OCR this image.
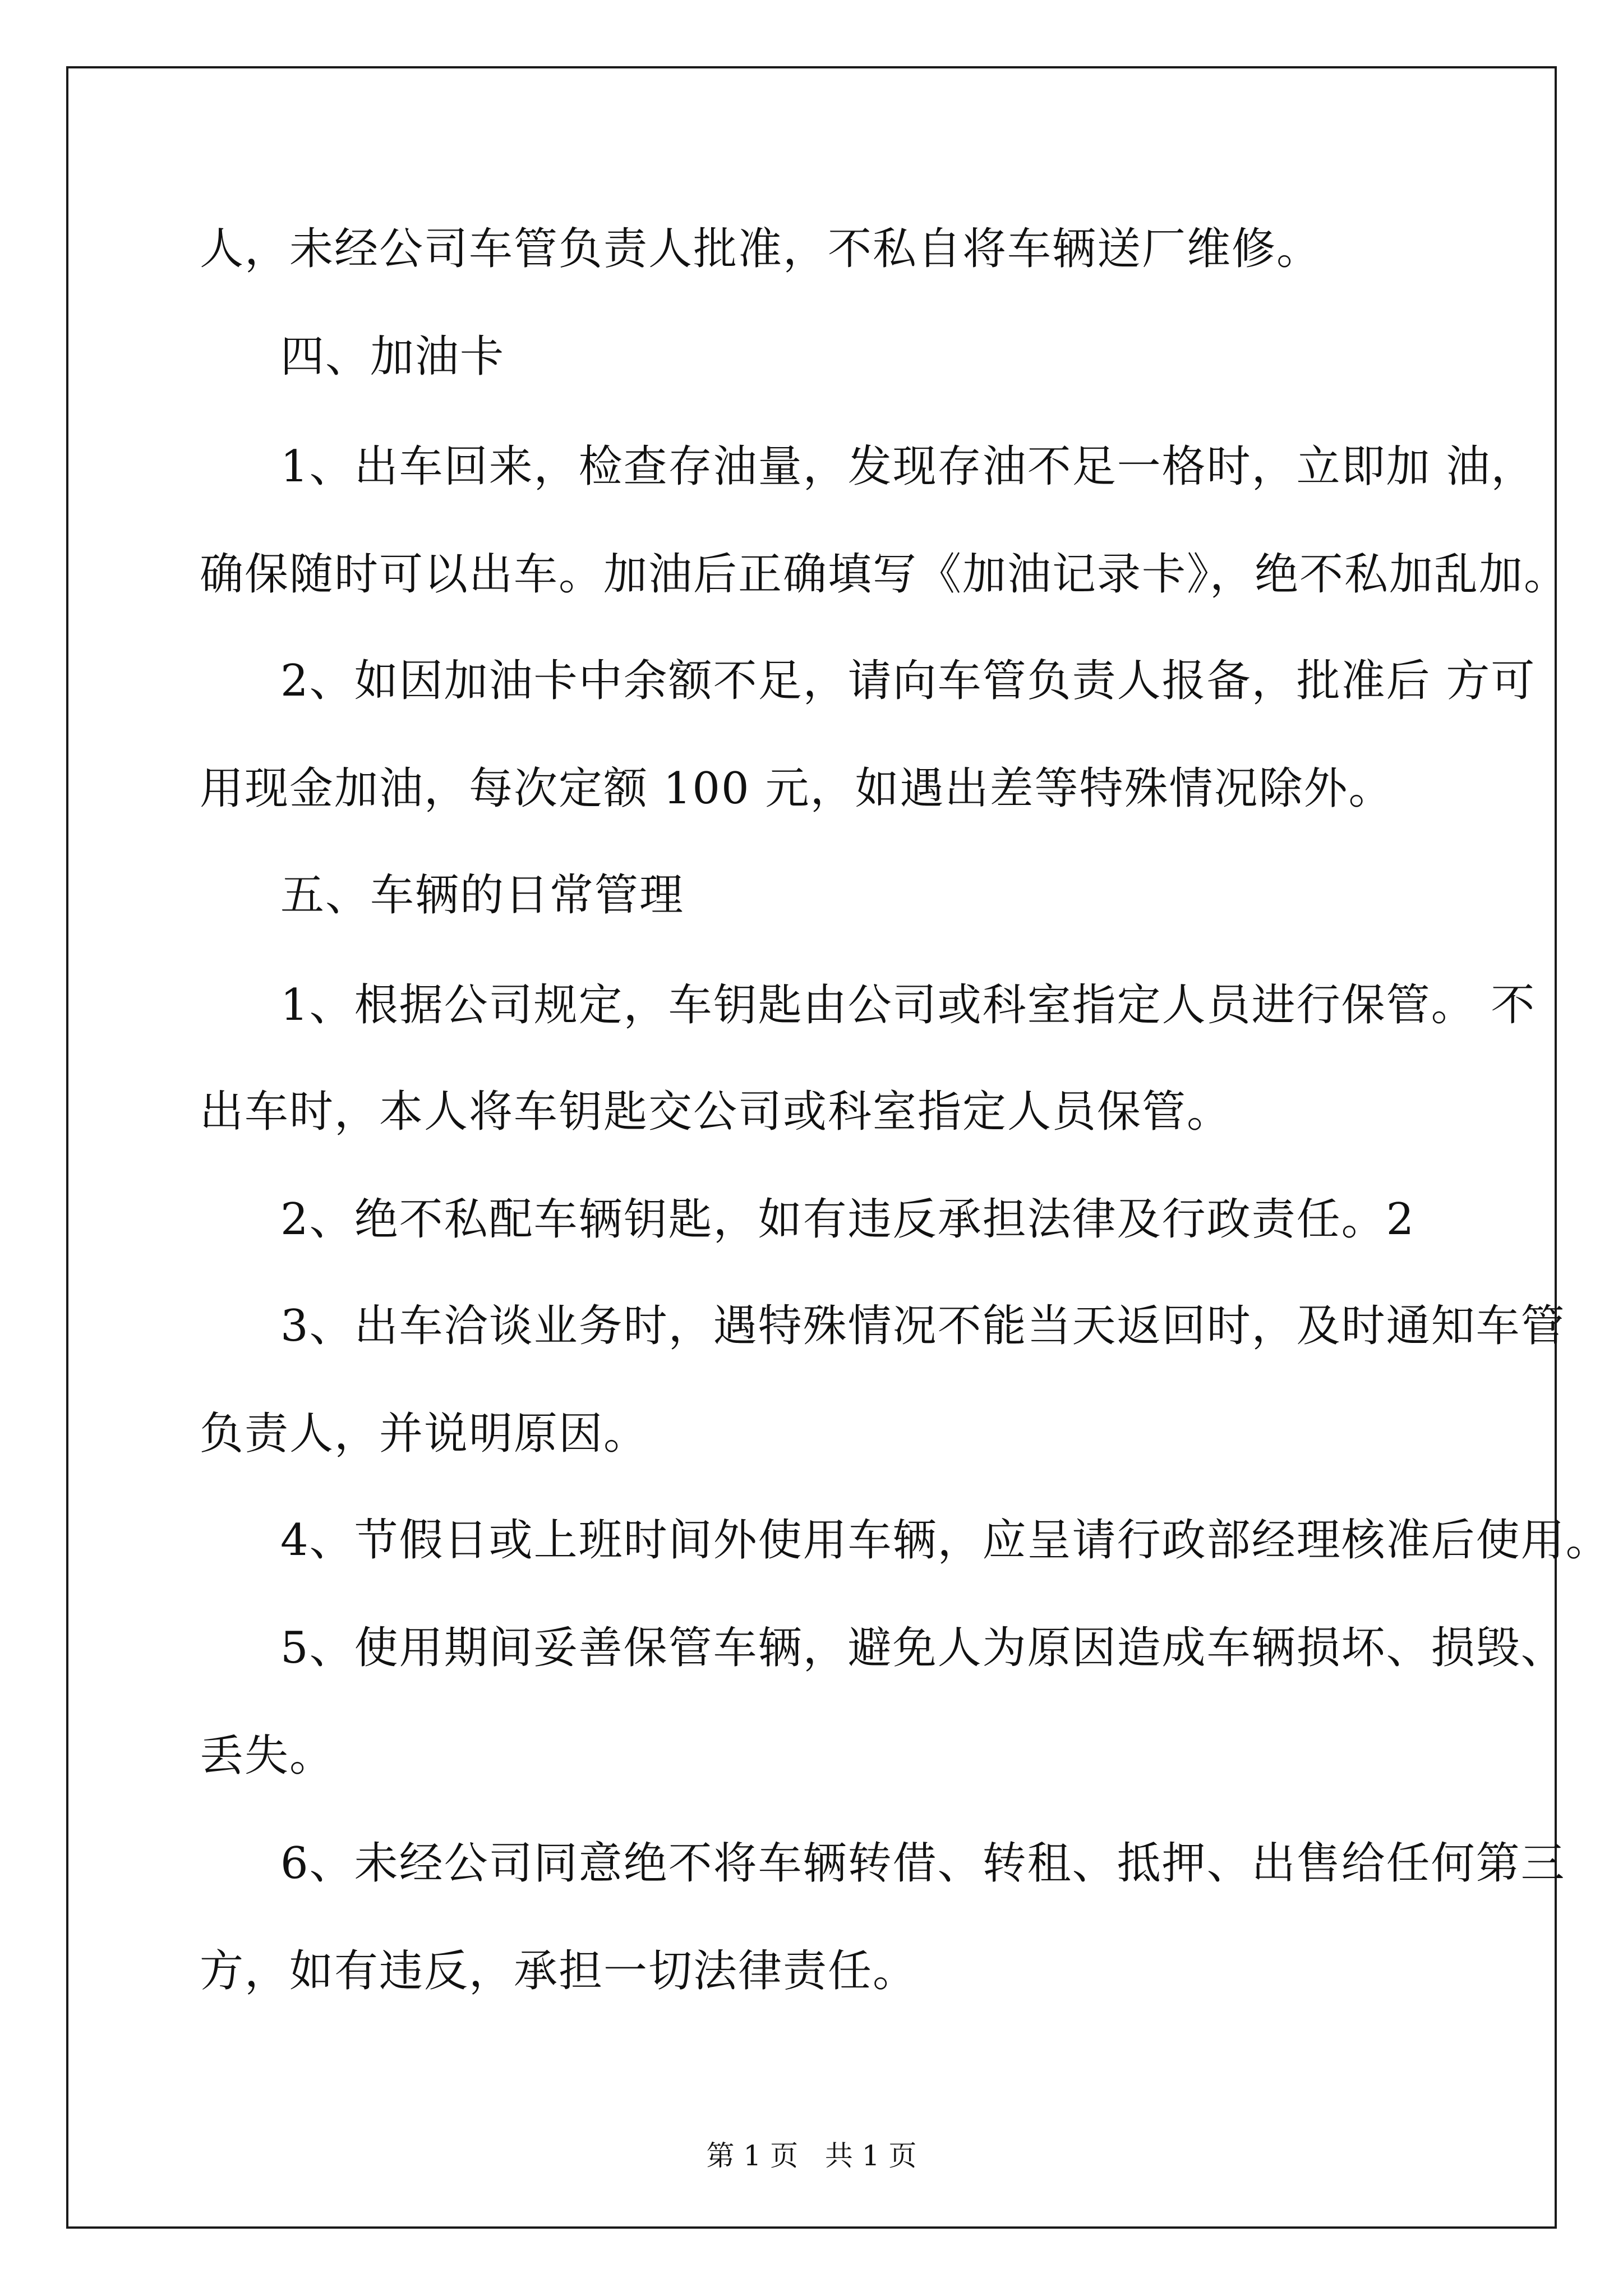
人，未经公司车管负责人批准，不私自将车辆送厂维修。
四、加油卡
1、出车回来，检查存油量，发现存油不足一格时，立即加 油，
确保随时可以出车。加油后正确填写《加油记录卡》，绝不私加乱加。
2、如因加油卡中余额不足，请向车管负责人报备，批准后 方可
用现金加油，每次定额 100 元，如遇出差等特殊情况除外。
五、车辆的日常管理
1、根据公司规定，车钥匙由公司或科室指定人员进行保管。 不
出车时，本人将车钥匙交公司或科室指定人员保管。
2、绝不私配车辆钥匙，如有违反承担法律及行政责任。2
3、出车洽谈业务时，遇特殊情况不能当天返回时，及时通知车管
负责人，并说明原因。
4、节假日或上班时间外使用车辆，应呈请行政部经理核准后使用。
5、使用期间妥善保管车辆，避免人为原因造成车辆损坏、损毁、
丢失。
6、未经公司同意绝不将车辆转借、转租、抵押、出售给任何第三
方，如有违反，承担一切法律责任。
第 1 页   共 1 页
